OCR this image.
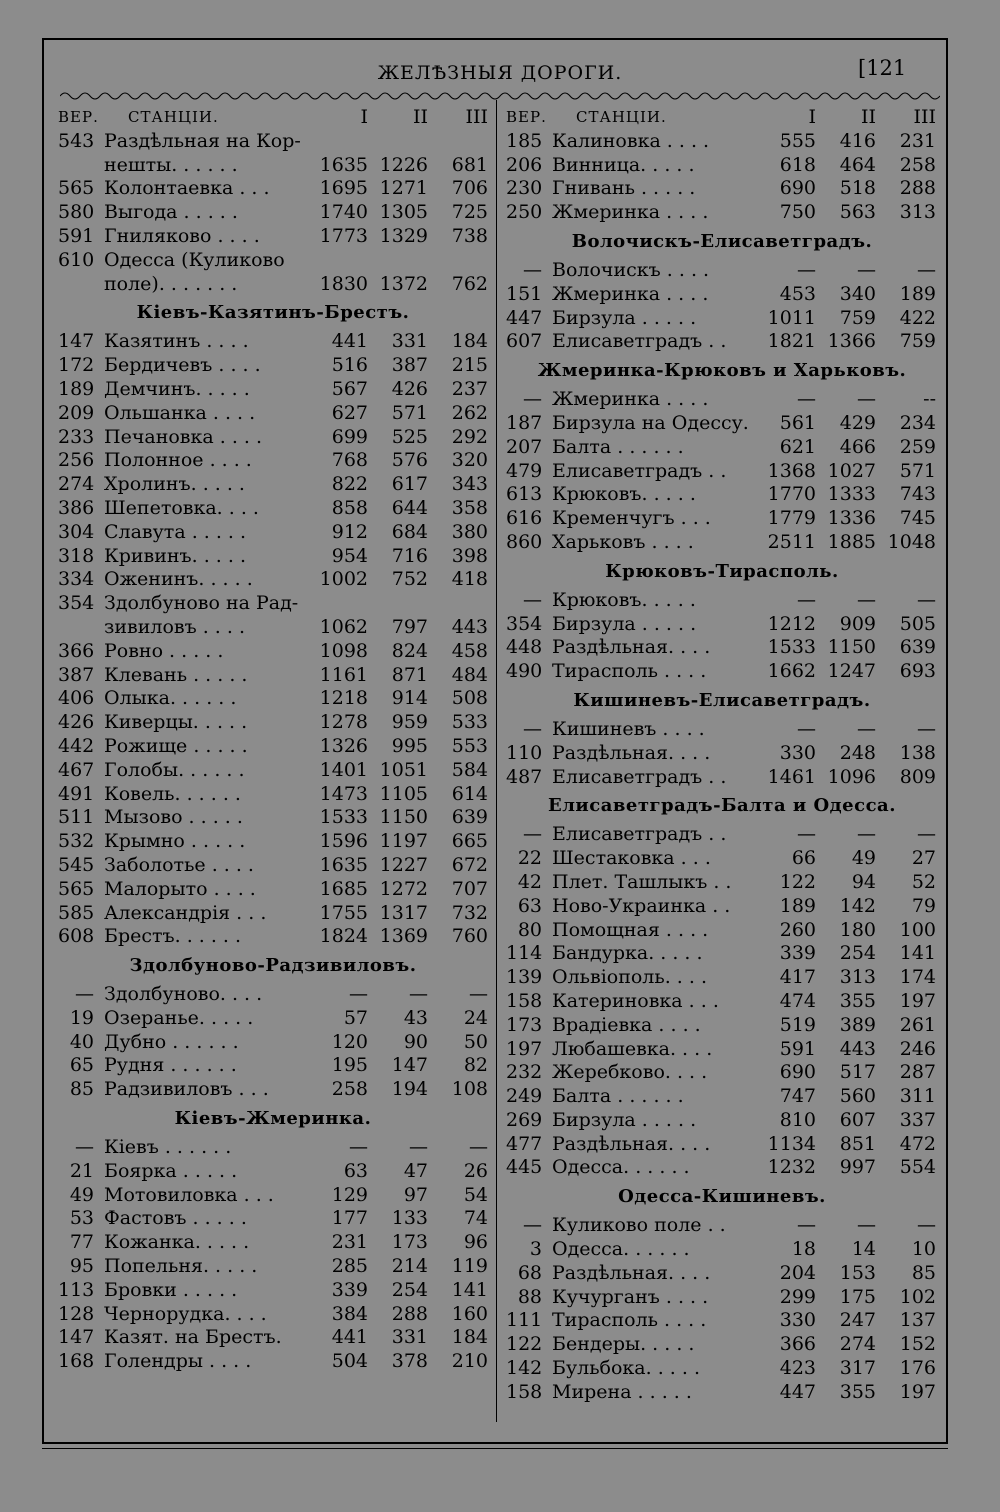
ЖЕЛѢЗНЫЯ ДОРОГИ.	[121
ВЕР. СТАНЦІИ.	I II III
543 Раздѣльная на Кор-
нешты. . . . . .	1635 1226 681
565 Колонтаевка . . .	1695 1271 706
580 Выгода . . . . .	1740 1305 725
591 Гниляково . . . .	1773 1329 738
610 Одесса (Куликово
поле). . . . . . .	1830 1372 762
Кіевъ-Казятинъ-Брестъ.
147 Казятинъ . . . .	441 331 184
172 Бердичевъ . . . .	516 387 215
189 Демчинъ. . . . .	567 426 237
209 Ольшанка . . . .	627 571 262
233 Печановка . . . .	699 525 292
256 Полонное . . . .	768 576 320
274 Хролинъ. . . . .	822 617 343
386 Шепетовка. . . .	858 644 358
304 Славута . . . . .	912 684 380
318 Кривинъ. . . . .	954 716 398
334 Оженинъ. . . . .	1002 752 418
354 Здолбуново на Рад-
зивиловъ . . . .	1062 797 443
366 Ровно . . . . .	1098 824 458
387 Клевань . . . . .	1161 871 484
406 Олыка. . . . . .	1218 914 508
426 Киверцы. . . . .	1278 959 533
442 Рожище . . . . .	1326 995 553
467 Голобы. . . . . .	1401 1051 584
491 Ковель. . . . . .	1473 1105 614
511 Мызово . . . . .	1533 1150 639
532 Крымно . . . . .	1596 1197 665
545 Заболотье . . . .	1635 1227 672
565 Малорыто . . . .	1685 1272 707
585 Александрія . . .	1755 1317 732
608 Брестъ. . . . . .	1824 1369 760
Здолбуново-Радзивиловъ.
— Здолбуново. . . .	— — —
19 Озеранье. . . . .	57 43 24
40 Дубно . . . . . .	120 90 50
65 Рудня . . . . . .	195 147 82
85 Радзивиловъ . . .	258 194 108
Кіевъ-Жмеринка.
— Кіевъ . . . . . .	— — —
21 Боярка . . . . .	63 47 26
49 Мотовиловка . . .	129 97 54
53 Фастовъ . . . . .	177 133 74
77 Кожанка. . . . .	231 173 96
95 Попельня. . . . .	285 214 119
113 Бровки . . . . .	339 254 141
128 Чернорудка. . . .	384 288 160
147 Казят. на Брестъ.	441 331 184
168 Голендры . . . .	504 378 210
ВЕР. СТАНЦІИ.	I II III
185 Калиновка . . . .	555 416 231
206 Винница. . . . .	618 464 258
230 Гнивань . . . . .	690 518 288
250 Жмеринка . . . .	750 563 313
Волочискъ-Елисаветградъ.
— Волочискъ . . . .	— — —
151 Жмеринка . . . .	453 340 189
447 Бирзула . . . . .	1011 759 422
607 Елисаветградъ . . 1821 1366 759
Жмеринка-Крюковъ и Харьковъ.
— Жмеринка . . . .	— — --
187 Бирзула на Одессу. 561 429 234
207 Балта . . . . . .	621 466 259
479 Елисаветградъ . . 1368 1027 571
613 Крюковъ. . . . .	1770 1333 743
616 Кременчугъ . . .	1779 1336 745
860 Харьковъ . . . .	2511 1885 1048
Крюковъ-Тирасполь.
— Крюковъ. . . . .	— — —
354 Бирзула . . . . .	1212 909 505
448 Раздѣльная. . . .	1533 1150 639
490 Тирасполь . . . .	1662 1247 693
Кишиневъ-Елисаветградъ.
— Кишиневъ . . . .	— — —
110 Раздѣльная. . . .	330 248 138
487 Елисаветградъ . . 1461 1096 809
Елисаветградъ-Балта и Одесса.
— Елисаветградъ . .	— — —
22 Шестаковка . . .	66 49 27
42 Плет. Ташлыкъ . .	122 94 52
63 Ново-Украинка . .	189 142 79
80 Помощная . . . .	260 180 100
114 Бандурка. . . . .	339 254 141
139 Ольвіополь. . . .	417 313 174
158 Катериновка . . .	474 355 197
173 Врадіевка . . . .	519 389 261
197 Любашевка. . . .	591 443 246
232 Жеребково. . . .	690 517 287
249 Балта . . . . . .	747 560 311
269 Бирзула . . . . .	810 607 337
477 Раздѣльная. . . .	1134 851 472
445 Одесса. . . . . .	1232 997 554
Одесса-Кишиневъ.
— Куликово поле . .	— — —
3 Одесса. . . . . .	18 14 10
68 Раздѣльная. . . .	204 153 85
88 Кучурганъ . . . .	299 175 102
111 Тирасполь . . . .	330 247 137
122 Бендеры. . . . .	366 274 152
142 Бульбока. . . . .	423 317 176
158 Мирена . . . . .	447 355 197
